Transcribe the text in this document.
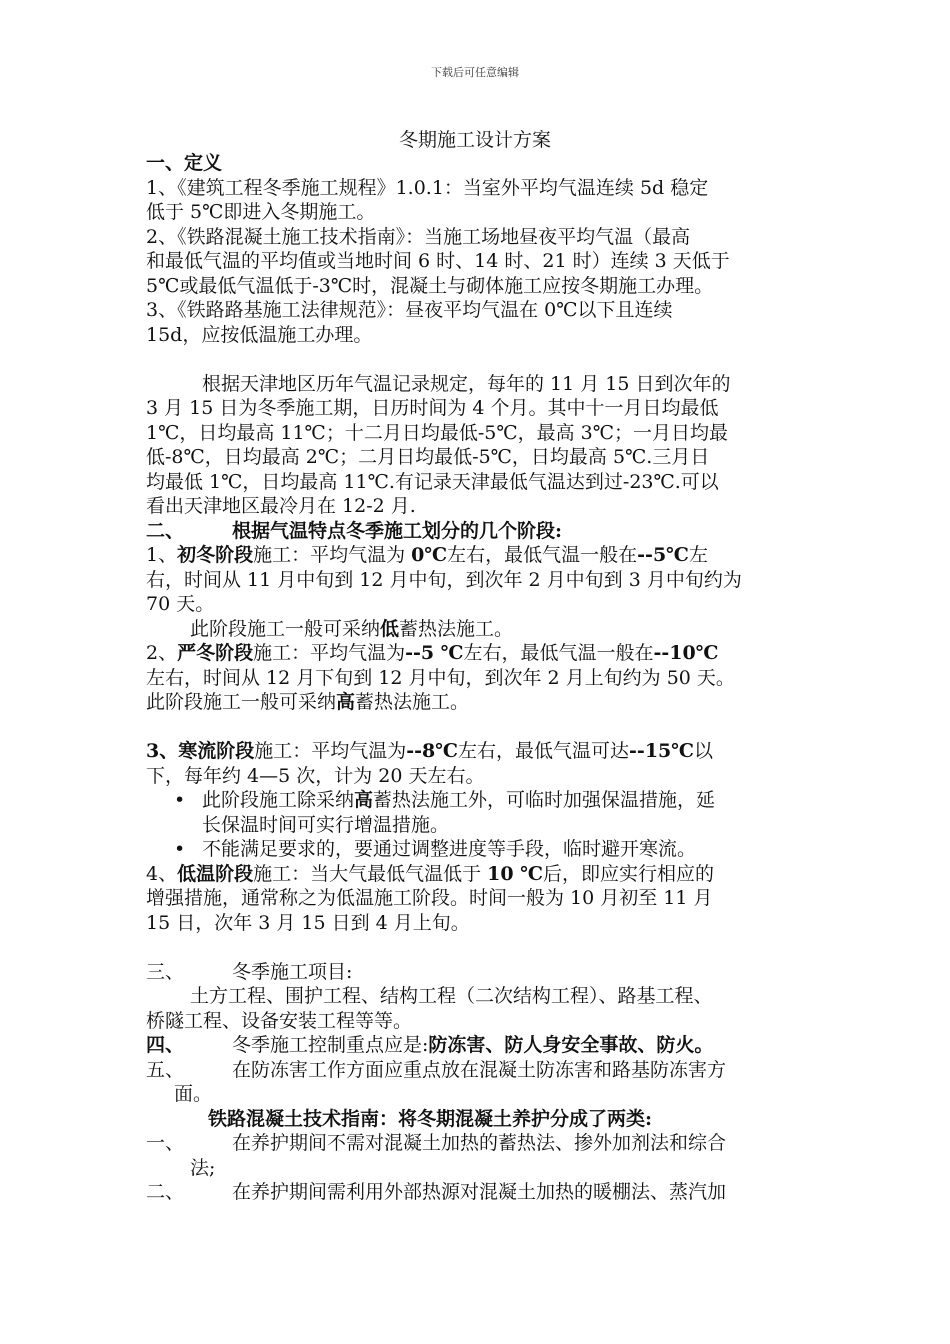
下载后可任意编辑
冬期施工设计方案

一、定义

1、《建筑工程冬季施工规程》1.0.1：当室外平均气温连续 5d 稳定

低于 5℃即进入冬期施工。

2、《铁路混凝土施工技术指南》：当施工场地昼夜平均气温（最高

和最低气温的平均值或当地时间 6 时、14 时、21 时）连续 3 天低于

5℃或最低气温低于-3℃时，混凝土与砌体施工应按冬期施工办理。

3、《铁路路基施工法律规范》：昼夜平均气温在 0℃以下且连续

15d，应按低温施工办理。

根据天津地区历年气温记录规定，每年的 11 月 15 日到次年的

3 月 15 日为冬季施工期，日历时间为 4 个月。其中十一月日均最低

1℃，日均最高 11℃；十二月日均最低-5℃，最高 3℃；一月日均最

低-8℃，日均最高 2℃；二月日均最低-5℃，日均最高 5℃.三月日

均最低 1℃，日均最高 11℃.有记录天津最低气温达到过-23℃.可以

看出天津地区最冷月在 12-2 月.

二、	根据气温特点冬季施工划分的几个阶段:

1、初冬阶段施工：平均气温为 0℃左右，最低气温一般在--5℃左

右，时间从 11 月中旬到 12 月中旬，到次年 2 月中旬到 3 月中旬约为

70 天。

此阶段施工一般可采纳低蓄热法施工。

2、严冬阶段施工：平均气温为--5 ℃左右，最低气温一般在--10℃

左右，时间从 12 月下旬到 12 月中旬，到次年 2 月上旬约为 50 天。

此阶段施工一般可采纳高蓄热法施工。

3、寒流阶段施工：平均气温为--8℃左右，最低气温可达--15℃以

下，每年约 4—5 次，计为 20 天左右。

• 此阶段施工除采纳高蓄热法施工外，可临时加强保温措施，延
长保温时间可实行增温措施。
• 不能满足要求的，要通过调整进度等手段，临时避开寒流。

4、低温阶段施工：当大气最低气温低于 10 ℃后，即应实行相应的

增强措施，通常称之为低温施工阶段。时间一般为 10 月初至 11 月

15 日，次年 3 月 15 日到 4 月上旬。

三、	冬季施工项目:

土方工程、围护工程、结构工程（二次结构工程）、路基工程、

桥隧工程、设备安装工程等等。

四、	冬季施工控制重点应是:防冻害、防人身安全事故、防火。

五、	在防冻害工作方面应重点放在混凝土防冻害和路基防冻害方

面。

铁路混凝土技术指南：将冬期混凝土养护分成了两类:

一、	在养护期间不需对混凝土加热的蓄热法、掺外加剂法和综合

法;

二、	在养护期间需利用外部热源对混凝土加热的暖棚法、蒸汽加
